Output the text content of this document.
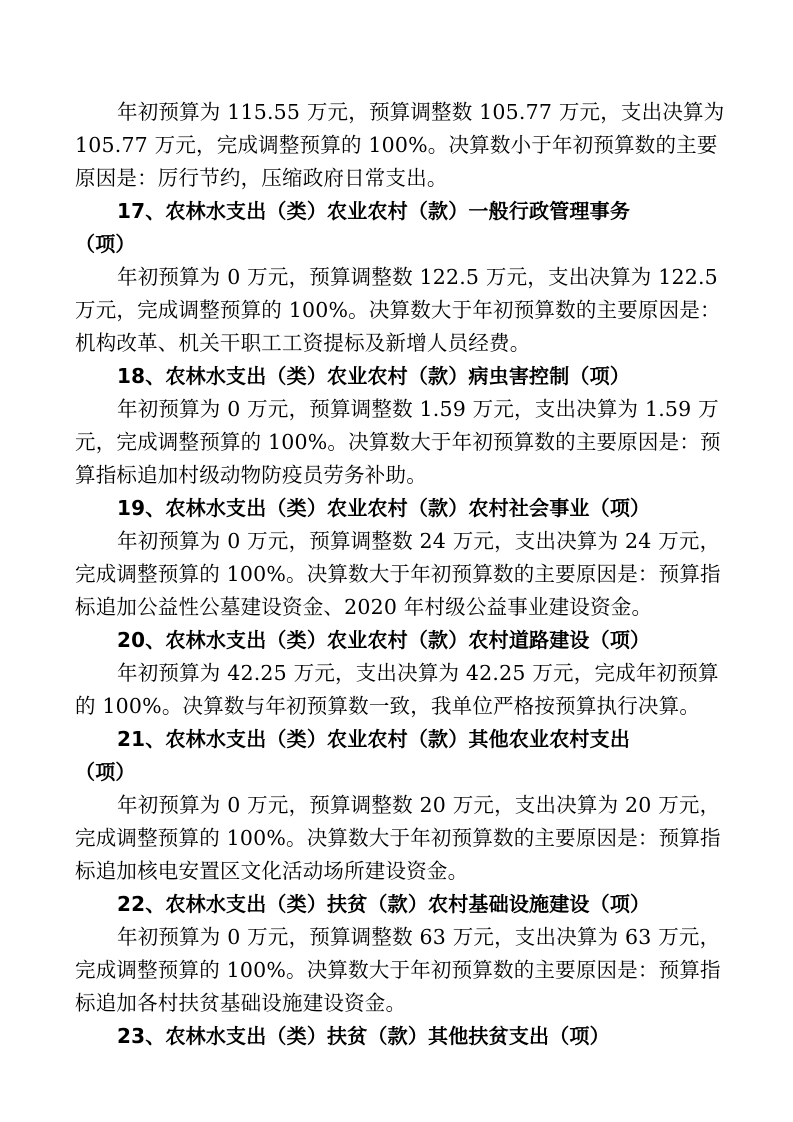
年初预算为 115.55 万元，预算调整数 105.77 万元，支出决算为
105.77 万元，完成调整预算的 100%。决算数小于年初预算数的主要
原因是：厉行节约，压缩政府日常支出。
17、农林水支出（类）农业农村（款）一般行政管理事务
（项）
年初预算为 0 万元，预算调整数 122.5 万元，支出决算为 122.5
万元，完成调整预算的 100%。决算数大于年初预算数的主要原因是：
机构改革、机关干职工工资提标及新增人员经费。
18、农林水支出（类）农业农村（款）病虫害控制（项）
年初预算为 0 万元，预算调整数 1.59 万元，支出决算为 1.59 万
元，完成调整预算的 100%。决算数大于年初预算数的主要原因是：预
算指标追加村级动物防疫员劳务补助。
19、农林水支出（类）农业农村（款）农村社会事业（项）
年初预算为 0 万元，预算调整数 24 万元，支出决算为 24 万元，
完成调整预算的 100%。决算数大于年初预算数的主要原因是：预算指
标追加公益性公墓建设资金、2020 年村级公益事业建设资金。
20、农林水支出（类）农业农村（款）农村道路建设（项）
年初预算为 42.25 万元，支出决算为 42.25 万元，完成年初预算
的 100%。决算数与年初预算数一致，我单位严格按预算执行决算。
21、农林水支出（类）农业农村（款）其他农业农村支出
（项）
年初预算为 0 万元，预算调整数 20 万元，支出决算为 20 万元，
完成调整预算的 100%。决算数大于年初预算数的主要原因是：预算指
标追加核电安置区文化活动场所建设资金。
22、农林水支出（类）扶贫（款）农村基础设施建设（项）
年初预算为 0 万元，预算调整数 63 万元，支出决算为 63 万元，
完成调整预算的 100%。决算数大于年初预算数的主要原因是：预算指
标追加各村扶贫基础设施建设资金。
23、农林水支出（类）扶贫（款）其他扶贫支出（项）
